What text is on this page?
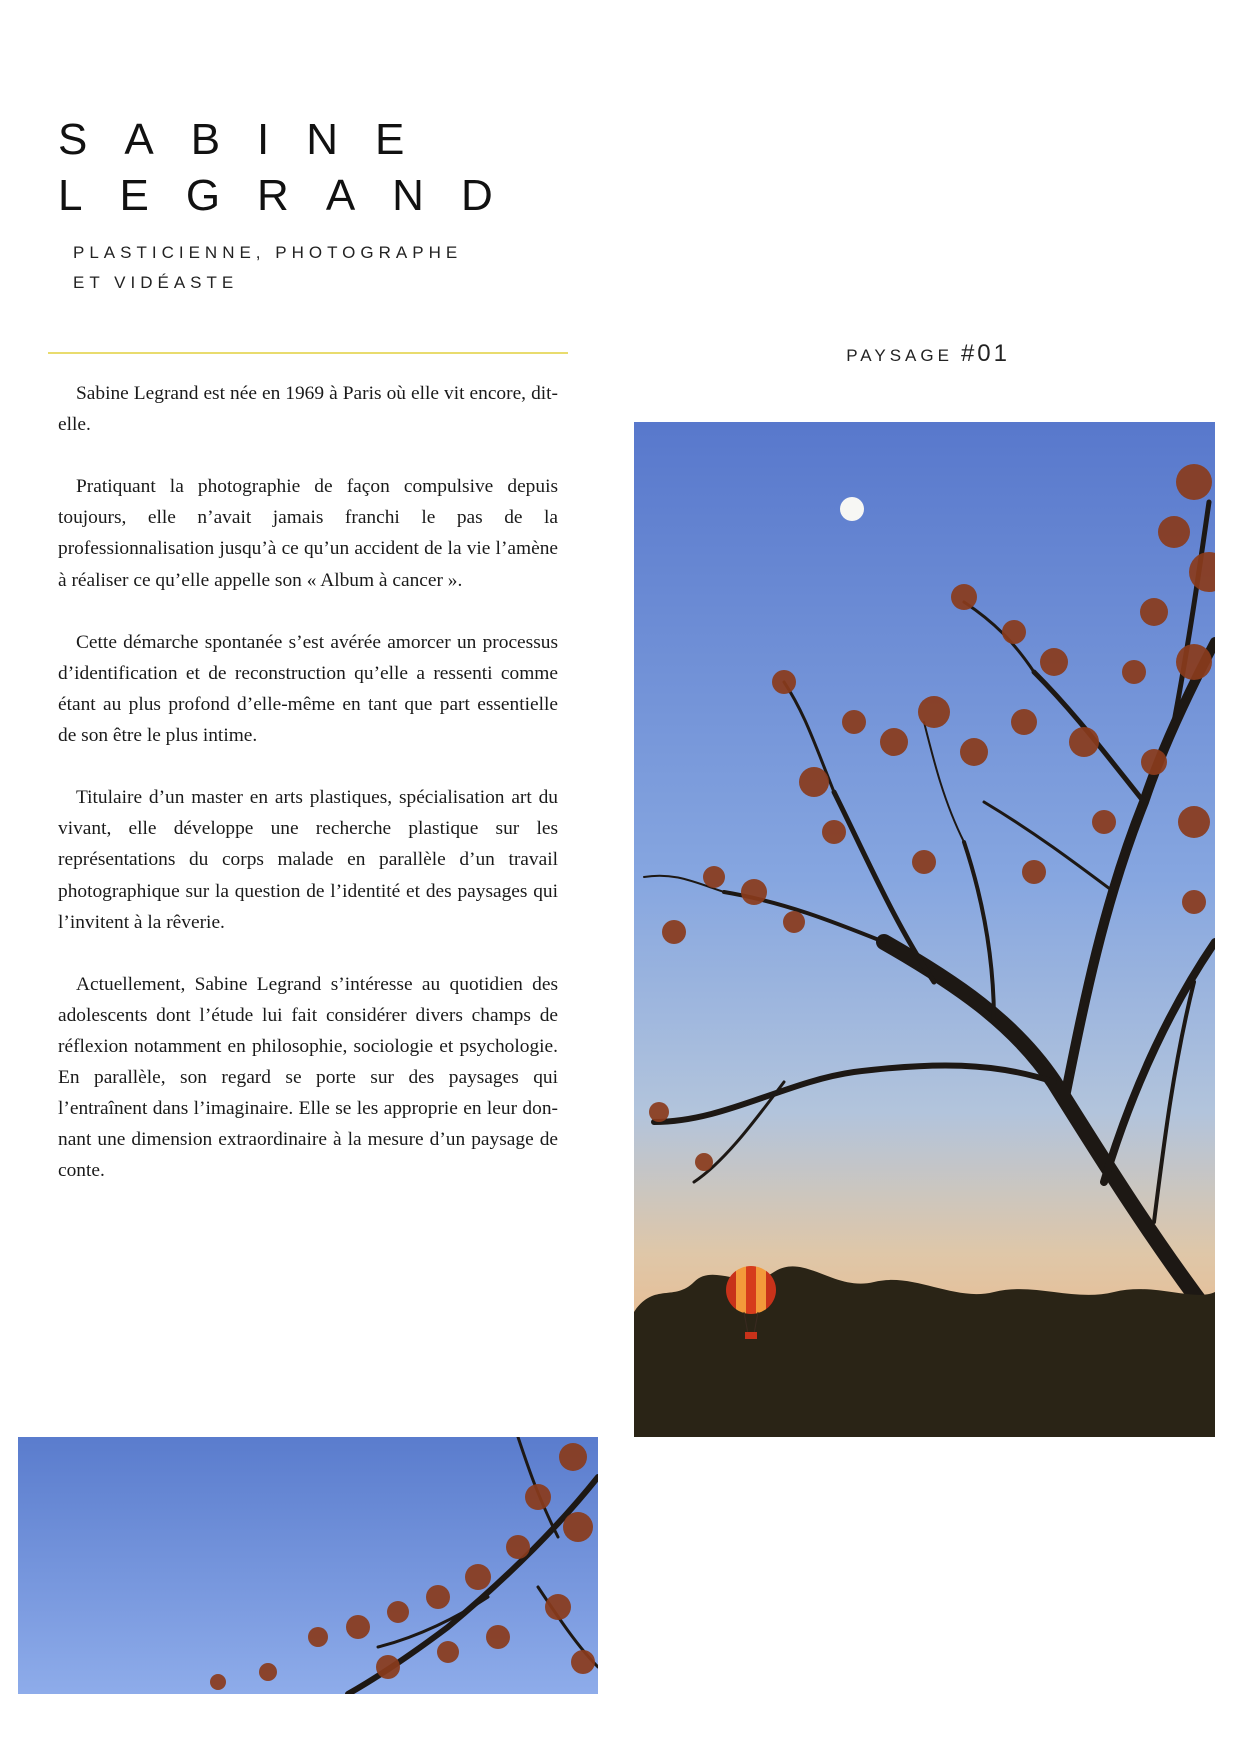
SABINE
LEGRAND
PLASTICIENNE, PHOTOGRAPHE
ET VIDÉASTE

Sabine Legrand est née en 1969 à Paris où elle vit encore, dit-elle.

Pratiquant la photographie de façon compulsive depuis toujours, elle n’avait jamais franchi le pas de la professionnalisation jusqu’à ce qu’un accident de la vie l’amène à réaliser ce qu’elle appelle son « Album à cancer ».

Cette démarche spontanée s’est avérée amorcer un processus d’identification et de reconstruction qu’elle a ressenti comme étant au plus profond d’elle-même en tant que part essentielle de son être le plus intime.

Titulaire d’un master en arts plastiques, spécialisation art du vivant, elle développe une recherche plastique sur les représentations du corps malade en parallèle d’un travail photographique sur la question de l’identité et des paysages qui l’invitent à la rêverie.

Actuellement, Sabine Legrand s’intéresse au quotidien des adolescents dont l’étude lui fait considérer divers champs de réflexion notamment en philosophie, sociologie et psychologie. En parallèle, son regard se porte sur des paysages qui l’entraînent dans l’imaginaire. Elle se les approprie en leur donnant une dimension extraordinaire à la mesure d’un paysage de conte.

PAYSAGE #01
